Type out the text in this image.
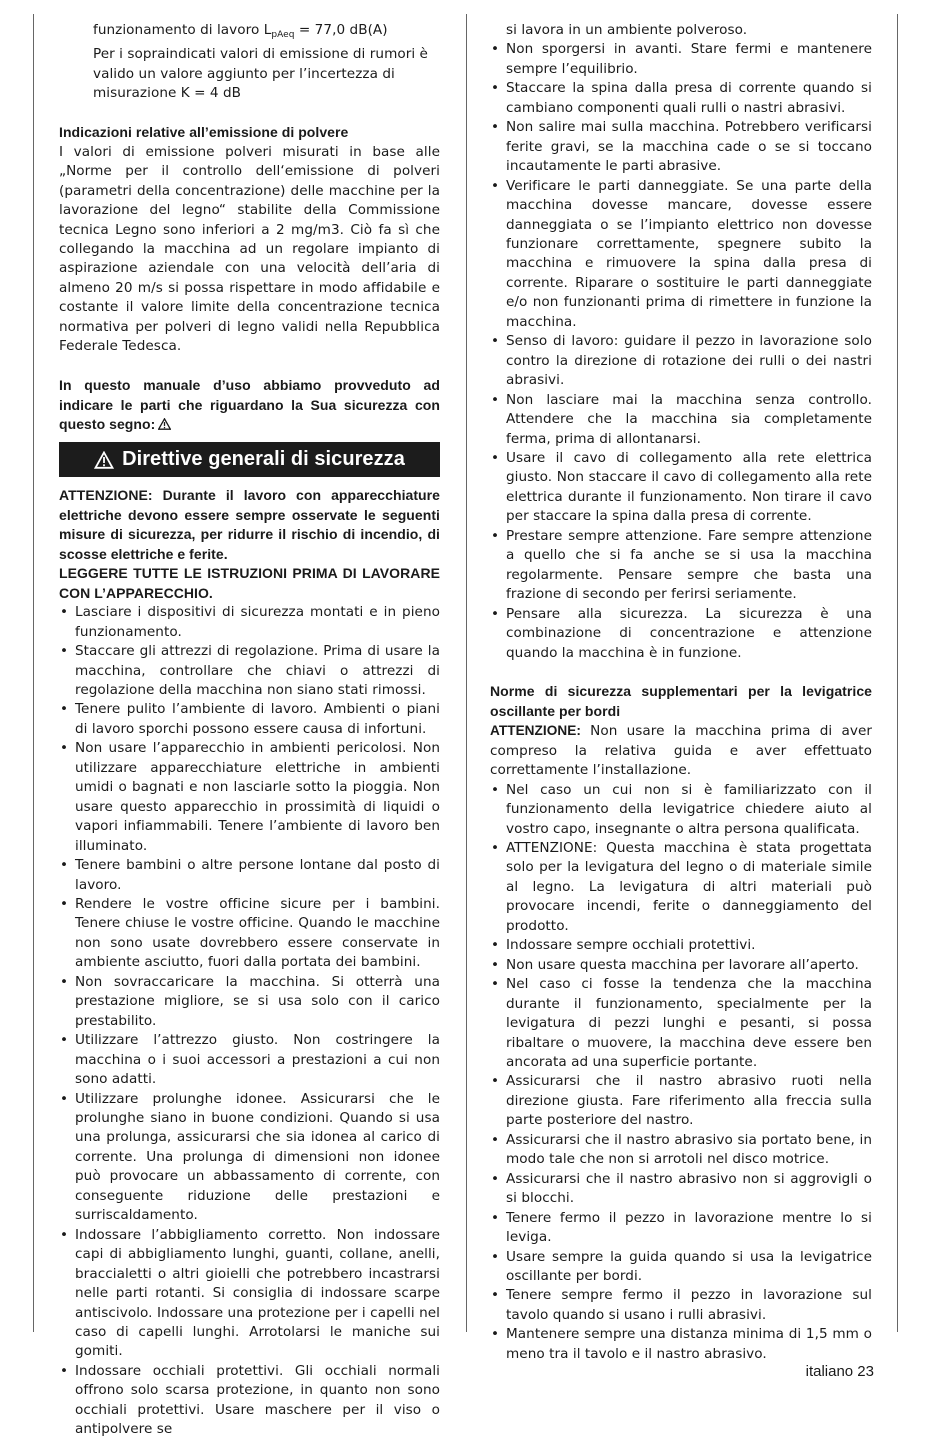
funzionamento di lavoro $L_{pAeq} = 77,0$ dB(A)

Per i sopraindicati valori di emissione di rumori è valido un valore aggiunto per l’incertezza di misurazione K = 4 dB

Indicazioni relative all’emissione di polvere

I valori di emissione polveri misurati in base alle „Norme per il controllo dell‘emissione di polveri (parametri della concentrazione) delle macchine per la lavorazione del legno“ stabilite della Commissione tecnica Legno sono inferiori a 2 mg/m3. Ciò fa sì che collegando la macchina ad un regolare impianto di aspirazione aziendale con una velocità dell’aria di almeno 20 m/s si possa rispettare in modo affidabile e costante il valore limite della concentrazione tecnica normativa per polveri di legno validi nella Repubblica Federale Tedesca.

In questo manuale d’uso abbiamo provveduto ad indicare le parti che riguardano la Sua sicurezza con questo segno:

Direttive generali di sicurezza

ATTENZIONE: Durante il lavoro con apparecchiature elettriche devono essere sempre osservate le seguenti misure di sicurezza, per ridurre il rischio di incendio, di scosse elettriche e ferite.

LEGGERE TUTTE LE ISTRUZIONI PRIMA DI LAVORARE CON L’APPARECCHIO.

• Lasciare i dispositivi di sicurezza montati e in pieno funzionamento.
• Staccare gli attrezzi di regolazione. Prima di usare la macchina, controllare che chiavi o attrezzi di regolazione della macchina non siano stati rimossi.
• Tenere pulito l’ambiente di lavoro. Ambienti o piani di lavoro sporchi possono essere causa di infortuni.
• Non usare l’apparecchio in ambienti pericolosi. Non utilizzare apparecchiature elettriche in ambienti umidi o bagnati e non lasciarle sotto la pioggia. Non usare questo apparecchio in prossimità di liquidi o vapori infiammabili. Tenere l’ambiente di lavoro ben illuminato.
• Tenere bambini o altre persone lontane dal posto di lavoro.
• Rendere le vostre officine sicure per i bambini. Tenere chiuse le vostre officine. Quando le macchine non sono usate dovrebbero essere conservate in ambiente asciutto, fuori dalla portata dei bambini.
• Non sovraccaricare la macchina. Si otterrà una prestazione migliore, se si usa solo con il carico prestabilito.
• Utilizzare l’attrezzo giusto. Non costringere la macchina o i suoi accessori a prestazioni a cui non sono adatti.
• Utilizzare prolunghe idonee. Assicurarsi che le prolunghe siano in buone condizioni. Quando si usa una prolunga, assicurarsi che sia idonea al carico di corrente. Una prolunga di dimensioni non idonee può provocare un abbassamento di corrente, con conseguente riduzione delle prestazioni e surriscaldamento.
• Indossare l’abbigliamento corretto. Non indossare capi di abbigliamento lunghi, guanti, collane, anelli, braccialetti o altri gioielli che potrebbero incastrarsi nelle parti rotanti. Si consiglia di indossare scarpe antiscivolo. Indossare una protezione per i capelli nel caso di capelli lunghi. Arrotolarsi le maniche sui gomiti.
• Indossare occhiali protettivi. Gli occhiali normali offrono solo scarsa protezione, in quanto non sono occhiali protettivi. Usare maschere per il viso o antipolvere se

si lavora in un ambiente polveroso.

• Non sporgersi in avanti. Stare fermi e mantenere sempre l’equilibrio.
• Staccare la spina dalla presa di corrente quando si cambiano componenti quali rulli o nastri abrasivi.
• Non salire mai sulla macchina. Potrebbero verificarsi ferite gravi, se la macchina cade o se si toccano incautamente le parti abrasive.
• Verificare le parti danneggiate. Se una parte della macchina dovesse mancare, dovesse essere danneggiata o se l’impianto elettrico non dovesse funzionare correttamente, spegnere subito la macchina e rimuovere la spina dalla presa di corrente. Riparare o sostituire le parti danneggiate e/o non funzionanti prima di rimettere in funzione la macchina.
• Senso di lavoro: guidare il pezzo in lavorazione solo contro la direzione di rotazione dei rulli o dei nastri abrasivi.
• Non lasciare mai la macchina senza controllo. Attendere che la macchina sia completamente ferma, prima di allontanarsi.
• Usare il cavo di collegamento alla rete elettrica giusto. Non staccare il cavo di collegamento alla rete elettrica durante il funzionamento. Non tirare il cavo per staccare la spina dalla presa di corrente.
• Prestare sempre attenzione. Fare sempre attenzione a quello che si fa anche se si usa la macchina regolarmente. Pensare sempre che basta una frazione di secondo per ferirsi seriamente.
• Pensare alla sicurezza. La sicurezza è una combinazione di concentrazione e attenzione quando la macchina è in funzione.

Norme di sicurezza supplementari per la levigatrice oscillante per bordi

ATTENZIONE: Non usare la macchina prima di aver compreso la relativa guida e aver effettuato correttamente l’installazione.

• Nel caso un cui non si è familiarizzato con il funzionamento della levigatrice chiedere aiuto al vostro capo, insegnante o altra persona qualificata.
• ATTENZIONE: Questa macchina è stata progettata solo per la levigatura del legno o di materiale simile al legno. La levigatura di altri materiali può provocare incendi, ferite o danneggiamento del prodotto.
• Indossare sempre occhiali protettivi.
• Non usare questa macchina per lavorare all’aperto.
• Nel caso ci fosse la tendenza che la macchina durante il funzionamento, specialmente per la levigatura di pezzi lunghi e pesanti, si possa ribaltare o muovere, la macchina deve essere ben ancorata ad una superficie portante.
• Assicurarsi che il nastro abrasivo ruoti nella direzione giusta. Fare riferimento alla freccia sulla parte posteriore del nastro.
• Assicurarsi che il nastro abrasivo sia portato bene, in modo tale che non si arrotoli nel disco motrice.
• Assicurarsi che il nastro abrasivo non si aggrovigli o si blocchi.
• Tenere fermo il pezzo in lavorazione mentre lo si leviga.
• Usare sempre la guida quando si usa la levigatrice oscillante per bordi.
• Tenere sempre fermo il pezzo in lavorazione sul tavolo quando si usano i rulli abrasivi.
• Mantenere sempre una distanza minima di 1,5 mm o meno tra il tavolo e il nastro abrasivo.
italiano 23
